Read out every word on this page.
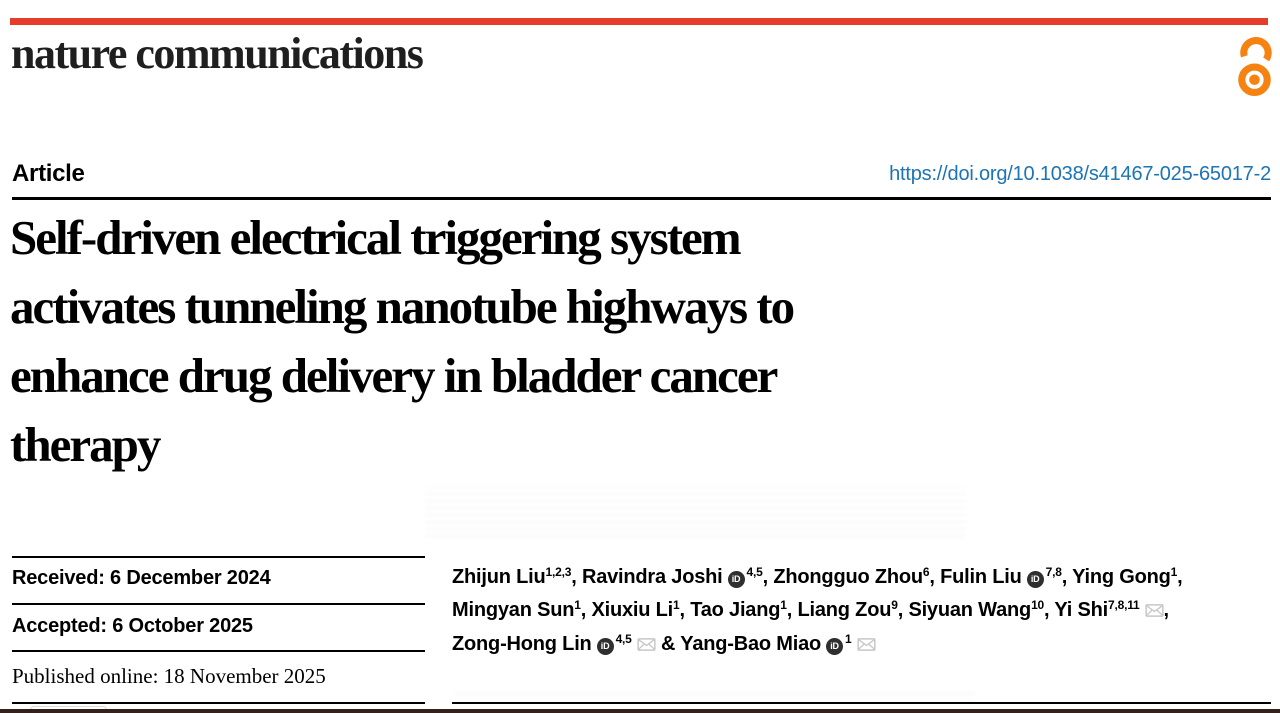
nature communications
Article	https://doi.org/10.1038/s41467-025-65017-2
Self-driven electrical triggering system
activates tunneling nanotube highways to
enhance drug delivery in bladder cancer
therapy
Received: 6 December 2024
Accepted: 6 October 2025
Published online: 18 November 2025
Zhijun Liu$^{1,2,3}$, Ravindra Joshi iD $^{4,5}$, Zhongguo Zhou$^6$, Fulin Liu iD $^{7,8}$, Ying Gong$^1$,
Mingyan Sun$^1$, Xiuxiu Li$^1$, Tao Jiang$^1$, Liang Zou$^9$, Siyuan Wang$^{10}$, Yi Shi$^{7,8,11}$ ,
Zong-Hong Lin iD $^{4,5}$ & Yang-Bao Miao iD $^1$
